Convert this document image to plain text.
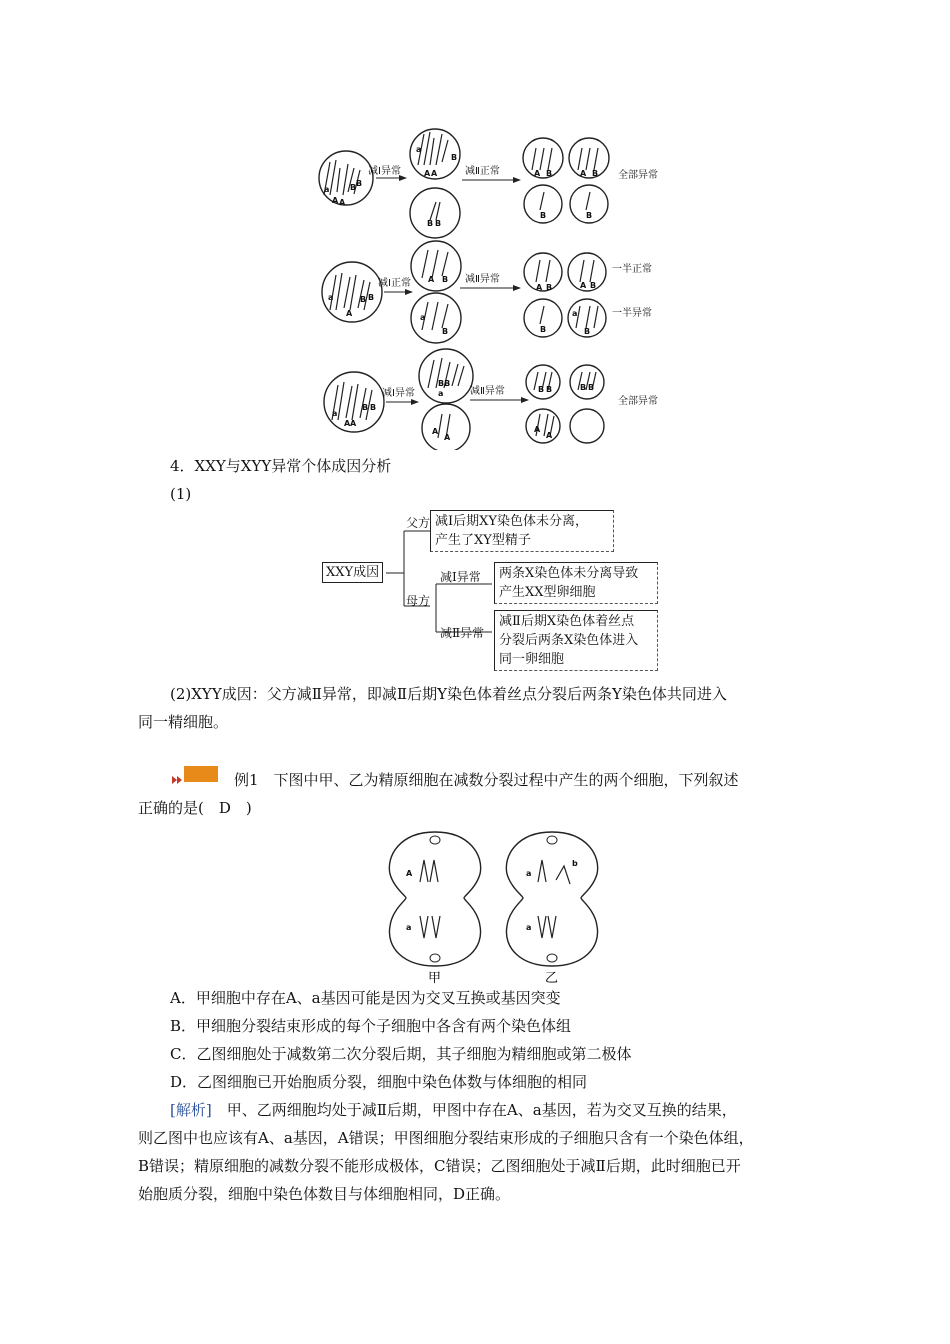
a
A A
B B
减Ⅰ异常
a
A A
B
B B
减Ⅱ正常	A B	A B
B	B
全部异常
a
A
B B
减Ⅰ正常 A B
a
B
减Ⅱ异常
A B	A B
B
a
B
一半正常
一半异常
a
A A
B B
减Ⅰ异常
BB
a
A
A
减Ⅱ异常	B B	B B
A
A
全部异常
4．XXY与XYY异常个体成因分析
(1)
XXY成因
父方
母方
减Ⅰ后期XY染色体未分离，
产生了XY型精子
减Ⅰ异常 两条X染色体未分离导致
产生XX型卵细胞
减Ⅱ异常
减Ⅱ后期X染色体着丝点
分裂后两条X染色体进入
同一卵细胞
(2)XYY成因：父方减Ⅱ异常，即减Ⅱ后期Y染色体着丝点分裂后两条Y染色体共同进入
同一精细胞。
例1　下图中甲、乙为精原细胞在减数分裂过程中产生的两个细胞，下列叙述
正确的是(　D　)
A
a
a
b
a
甲	乙
A．甲细胞中存在A、a基因可能是因为交叉互换或基因突变
B．甲细胞分裂结束形成的每个子细胞中各含有两个染色体组
C．乙图细胞处于减数第二次分裂后期，其子细胞为精细胞或第二极体
D．乙图细胞已开始胞质分裂，细胞中染色体数与体细胞的相同
[解析]　甲、乙两细胞均处于减Ⅱ后期，甲图中存在A、a基因，若为交叉互换的结果，
则乙图中也应该有A、a基因，A错误；甲图细胞分裂结束形成的子细胞只含有一个染色体组，
B错误；精原细胞的减数分裂不能形成极体，C错误；乙图细胞处于减Ⅱ后期，此时细胞已开
始胞质分裂，细胞中染色体数目与体细胞相同，D正确。
